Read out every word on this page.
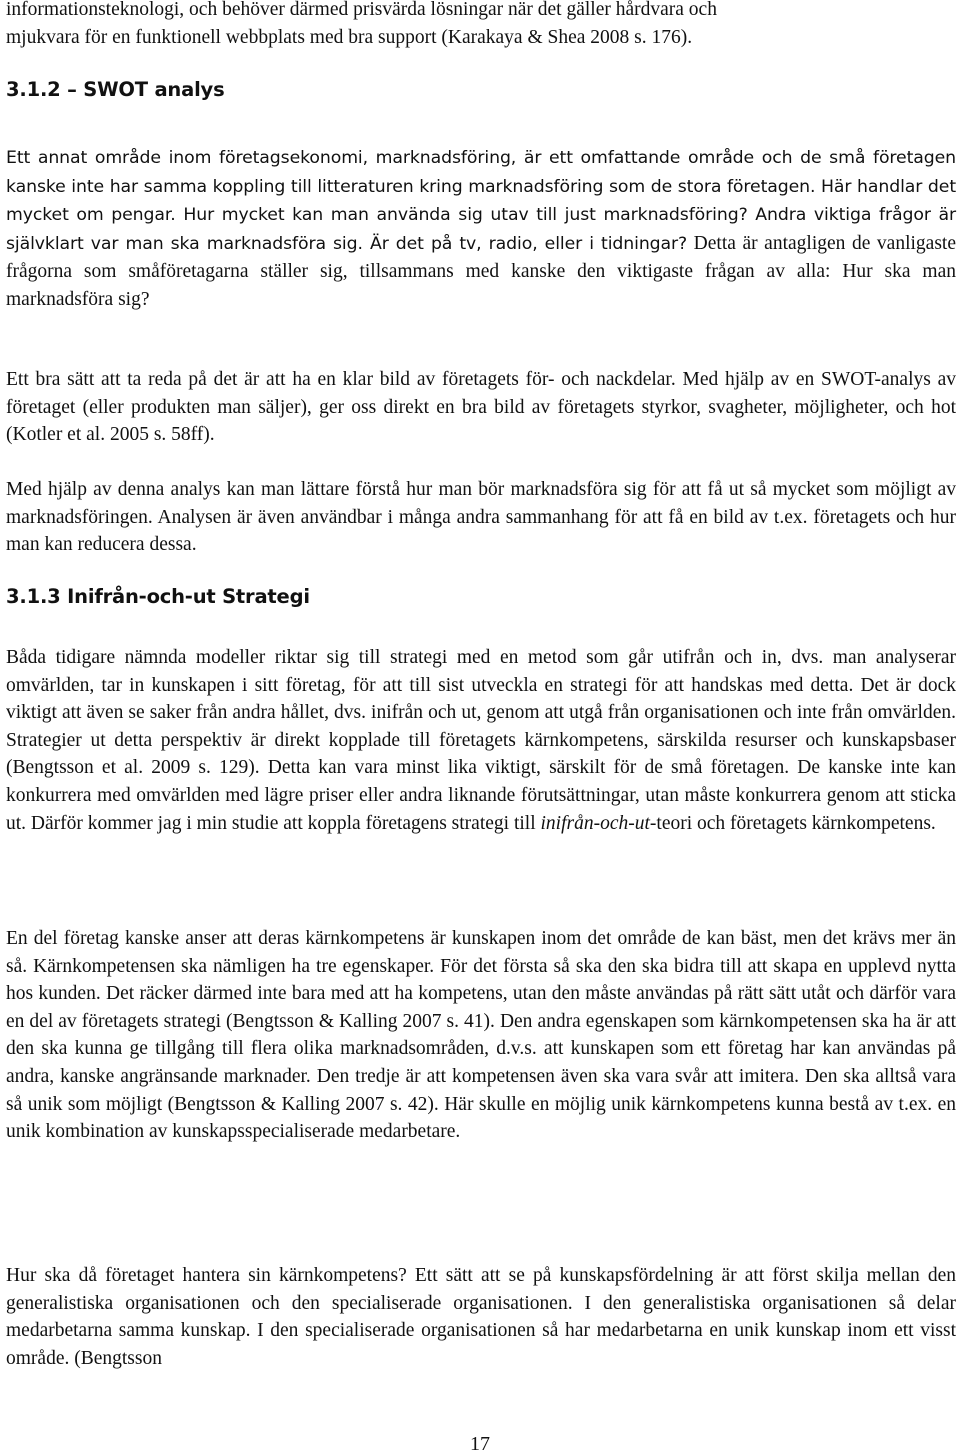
informationsteknologi, och behöver därmed prisvärda lösningar när det gäller hårdvara och
mjukvara för en funktionell webbplats med bra support (Karakaya & Shea 2008 s. 176).

3.1.2 – SWOT analys

Ett annat område inom företagsekonomi, marknadsföring, är ett omfattande område och de små företagen kanske inte har samma koppling till litteraturen kring marknadsföring som de stora företagen. Här handlar det mycket om pengar. Hur mycket kan man använda sig utav till just marknadsföring? Andra viktiga frågor är självklart var man ska marknadsföra sig. Är det på tv, radio, eller i tidningar? Detta är antagligen de vanligaste frågorna som småföretagarna ställer sig, tillsammans med kanske den viktigaste frågan av alla: Hur ska man marknadsföra sig?

Ett bra sätt att ta reda på det är att ha en klar bild av företagets för- och nackdelar. Med hjälp av en SWOT-analys av företaget (eller produkten man säljer), ger oss direkt en bra bild av företagets styrkor, svagheter, möjligheter, och hot (Kotler et al. 2005 s. 58ff).

Med hjälp av denna analys kan man lättare förstå hur man bör marknadsföra sig för att få ut så mycket som möjligt av marknadsföringen. Analysen är även användbar i många andra sammanhang för att få en bild av t.ex. företagets och hur man kan reducera dessa.

3.1.3 Inifrån-och-ut Strategi

Båda tidigare nämnda modeller riktar sig till strategi med en metod som går utifrån och in, dvs. man analyserar omvärlden, tar in kunskapen i sitt företag, för att till sist utveckla en strategi för att handskas med detta. Det är dock viktigt att även se saker från andra hållet, dvs. inifrån och ut, genom att utgå från organisationen och inte från omvärlden. Strategier ut detta perspektiv är direkt kopplade till företagets kärnkompetens, särskilda resurser och kunskapsbaser (Bengtsson et al. 2009 s. 129). Detta kan vara minst lika viktigt, särskilt för de små företagen. De kanske inte kan konkurrera med omvärlden med lägre priser eller andra liknande förutsättningar, utan måste konkurrera genom att sticka ut. Därför kommer jag i min studie att koppla företagens strategi till inifrån-och-ut-teori och företagets kärnkompetens.

En del företag kanske anser att deras kärnkompetens är kunskapen inom det område de kan bäst, men det krävs mer än så. Kärnkompetensen ska nämligen ha tre egenskaper. För det första så ska den ska bidra till att skapa en upplevd nytta hos kunden. Det räcker därmed inte bara med att ha kompetens, utan den måste användas på rätt sätt utåt och därför vara en del av företagets strategi (Bengtsson & Kalling 2007 s. 41). Den andra egenskapen som kärnkompetensen ska ha är att den ska kunna ge tillgång till flera olika marknadsområden, d.v.s. att kunskapen som ett företag har kan användas på andra, kanske angränsande marknader. Den tredje är att kompetensen även ska vara svår att imitera. Den ska alltså vara så unik som möjligt (Bengtsson & Kalling 2007 s. 42). Här skulle en möjlig unik kärnkompetens kunna bestå av t.ex. en unik kombination av kunskapsspecialiserade medarbetare.

Hur ska då företaget hantera sin kärnkompetens? Ett sätt att se på kunskapsfördelning är att först skilja mellan den generalistiska organisationen och den specialiserade organisationen. I den generalistiska organisationen så delar medarbetarna samma kunskap. I den specialiserade organisationen så har medarbetarna en unik kunskap inom ett visst område. (Bengtsson

17
